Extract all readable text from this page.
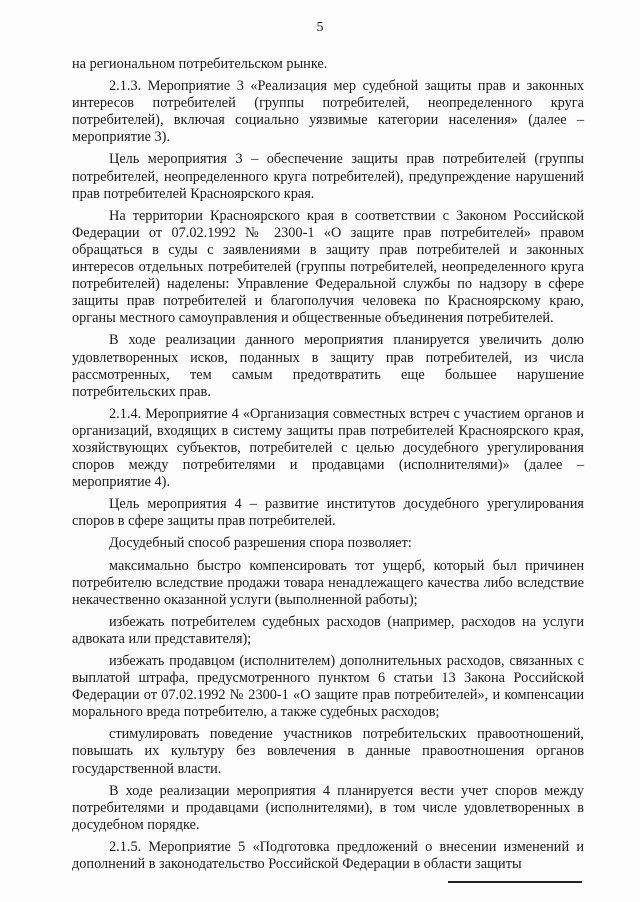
5

на региональном потребительском рынке.

2.1.3. Мероприятие 3 «Реализация мер судебной защиты прав и законных интересов потребителей (группы потребителей, неопределенного круга потребителей), включая социально уязвимые категории населения» (далее – мероприятие 3).

Цель мероприятия 3 – обеспечение защиты прав потребителей (группы потребителей, неопределенного круга потребителей), предупреждение нарушений прав потребителей Красноярского края.

На территории Красноярского края в соответствии с Законом Российской Федерации от 07.02.1992 № 2300-1 «О защите прав потребителей» правом обращаться в суды с заявлениями в защиту прав потребителей и законных интересов отдельных потребителей (группы потребителей, неопределенного круга потребителей) наделены: Управление Федеральной службы по надзору в сфере защиты прав потребителей и благополучия человека по Красноярскому краю, органы местного самоуправления и общественные объединения потребителей.

В ходе реализации данного мероприятия планируется увеличить долю удовлетворенных исков, поданных в защиту прав потребителей, из числа рассмотренных, тем самым предотвратить еще большее нарушение потребительских прав.

2.1.4. Мероприятие 4 «Организация совместных встреч с участием органов и организаций, входящих в систему защиты прав потребителей Красноярского края, хозяйствующих субъектов, потребителей с целью досудебного урегулирования споров между потребителями и продавцами (исполнителями)» (далее – мероприятие 4).

Цель мероприятия 4 – развитие институтов досудебного урегулирования споров в сфере защиты прав потребителей.

Досудебный способ разрешения спора позволяет:

максимально быстро компенсировать тот ущерб, который был причинен потребителю вследствие продажи товара ненадлежащего качества либо вследствие некачественно оказанной услуги (выполненной работы);

избежать потребителем судебных расходов (например, расходов на услуги адвоката или представителя);

избежать продавцом (исполнителем) дополнительных расходов, связанных с выплатой штрафа, предусмотренного пунктом 6 статьи 13 Закона Российской Федерации от 07.02.1992 № 2300-1 «О защите прав потребителей», и компенсации морального вреда потребителю, а также судебных расходов;

стимулировать поведение участников потребительских правоотношений, повышать их культуру без вовлечения в данные правоотношения органов государственной власти.

В ходе реализации мероприятия 4 планируется вести учет споров между потребителями и продавцами (исполнителями), в том числе удовлетворенных в досудебном порядке.

2.1.5. Мероприятие 5 «Подготовка предложений о внесении изменений и дополнений в законодательство Российской Федерации в области защиты
